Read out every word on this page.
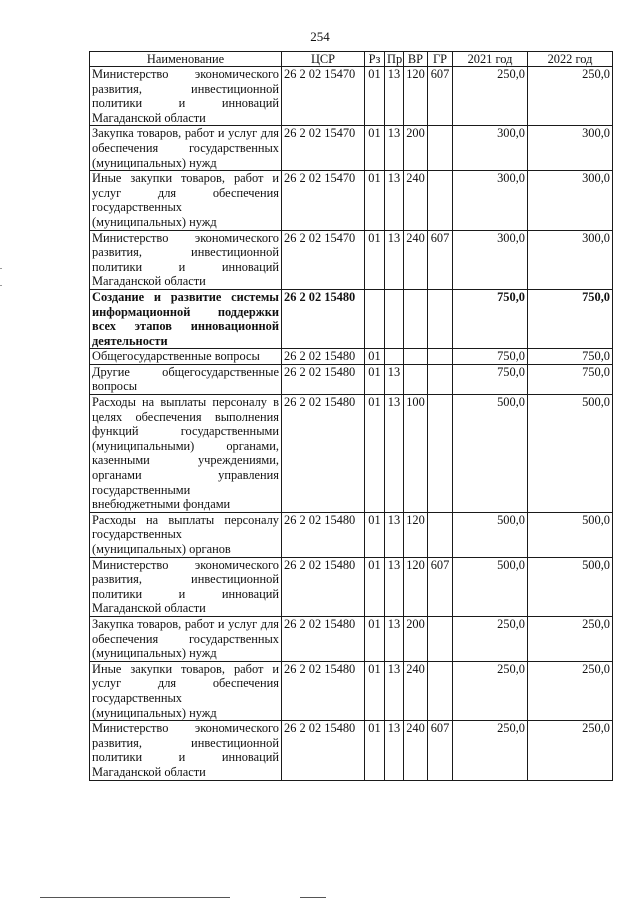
254
Наименование	ЦСР	Рз	Пр	ВР	ГР	2021 год	2022 год
Министерство экономического развития, инвестиционной политики и инноваций Магаданской области	26 2 02 15470	01	13	120	607	250,0	250,0
Закупка товаров, работ и услуг для обеспечения государственных (муниципальных) нужд	26 2 02 15470	01	13	200		300,0	300,0
Иные закупки товаров, работ и услуг для обеспечения государственных (муниципальных) нужд	26 2 02 15470	01	13	240		300,0	300,0
Министерство экономического развития, инвестиционной политики и инноваций Магаданской области	26 2 02 15470	01	13	240	607	300,0	300,0
Создание и развитие системы информационной поддержки всех этапов инновационной деятельности	26 2 02 15480					750,0	750,0
Общегосударственные вопросы	26 2 02 15480	01				750,0	750,0
Другие общегосударственные вопросы	26 2 02 15480	01	13			750,0	750,0
Расходы на выплаты персоналу в целях обеспечения выполнения функций государственными (муниципальными) органами, казенными учреждениями, органами управления государственными внебюджетными фондами	26 2 02 15480	01	13	100		500,0	500,0
Расходы на выплаты персоналу государственных (муниципальных) органов	26 2 02 15480	01	13	120		500,0	500,0
Министерство экономического развития, инвестиционной политики и инноваций Магаданской области	26 2 02 15480	01	13	120	607	500,0	500,0
Закупка товаров, работ и услуг для обеспечения государственных (муниципальных) нужд	26 2 02 15480	01	13	200		250,0	250,0
Иные закупки товаров, работ и услуг для обеспечения государственных (муниципальных) нужд	26 2 02 15480	01	13	240		250,0	250,0
Министерство экономического развития, инвестиционной политики и инноваций Магаданской области	26 2 02 15480	01	13	240	607	250,0	250,0
